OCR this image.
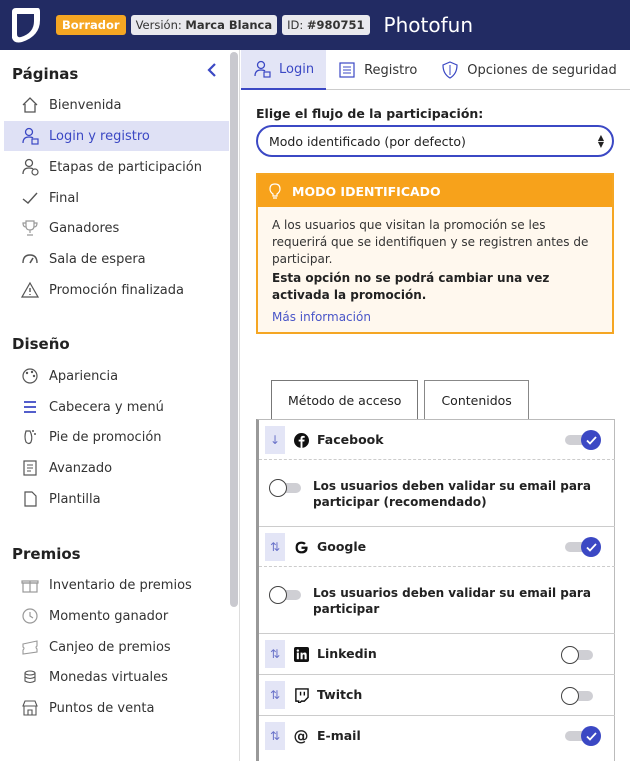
Borrador	Versión: Marca Blanca	ID: #980751 Photofun
Páginas
Bienvenida
Login y registro
Etapas de participación
Final
Ganadores
Sala de espera
Promoción finalizada
Diseño
Apariencia
Cabecera y menú
Pie de promoción
Avanzado
Plantilla
Premios
Inventario de premios
Momento ganador
Canjeo de premios
Monedas virtuales
Puntos de venta
Login	Registro	Opciones de seguridad
Elige el flujo de la participación:
Modo identificado (por defecto)	▲
▼
MODO IDENTIFICADO
A los usuarios que visitan la promoción se les requerirá que se identifiquen y se registren antes de participar.
Esta opción no se podrá cambiar una vez activada la promoción.
Más información
Método de acceso	Contenidos
↓	Facebook
Los usuarios deben validar su email para participar (recomendado)
⇅	Google
Los usuarios deben validar su email para participar
⇅	Linkedin
⇅	Twitch
⇅ @ E-mail
